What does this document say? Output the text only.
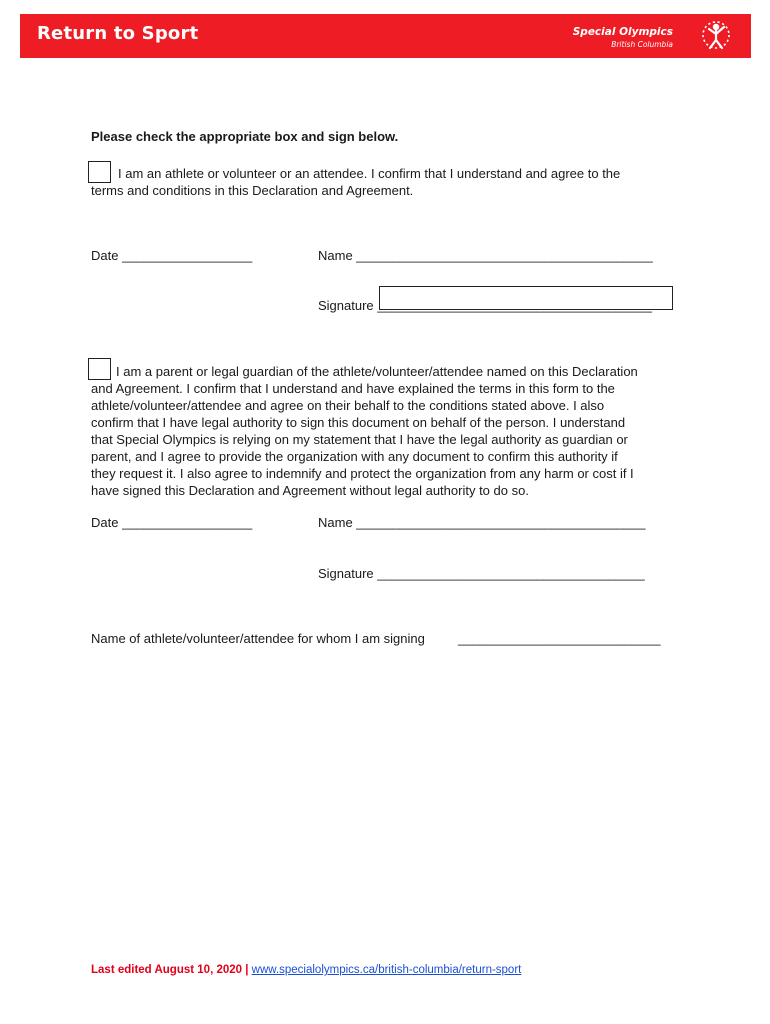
Return to Sport	Special Olympics
British Columbia
Please check the appropriate box and sign below.
I am an athlete or volunteer or an attendee. I confirm that I understand and agree to the
terms and conditions in this Declaration and Agreement.
Date __________________	Name _________________________________________
Signature ______________________________________
I am a parent or legal guardian of the athlete/volunteer/attendee named on this Declaration
and Agreement. I confirm that I understand and have explained the terms in this form to the
athlete/volunteer/attendee and agree on their behalf to the conditions stated above. I also
confirm that I have legal authority to sign this document on behalf of the person. I understand
that Special Olympics is relying on my statement that I have the legal authority as guardian or
parent, and I agree to provide the organization with any document to confirm this authority if
they request it. I also agree to indemnify and protect the organization from any harm or cost if I
have signed this Declaration and Agreement without legal authority to do so.
Date __________________	Name ________________________________________
Signature _____________________________________
Name of athlete/volunteer/attendee for whom I am signing	____________________________
Last edited August 10, 2020 | www.specialolympics.ca/british-columbia/return-sport
